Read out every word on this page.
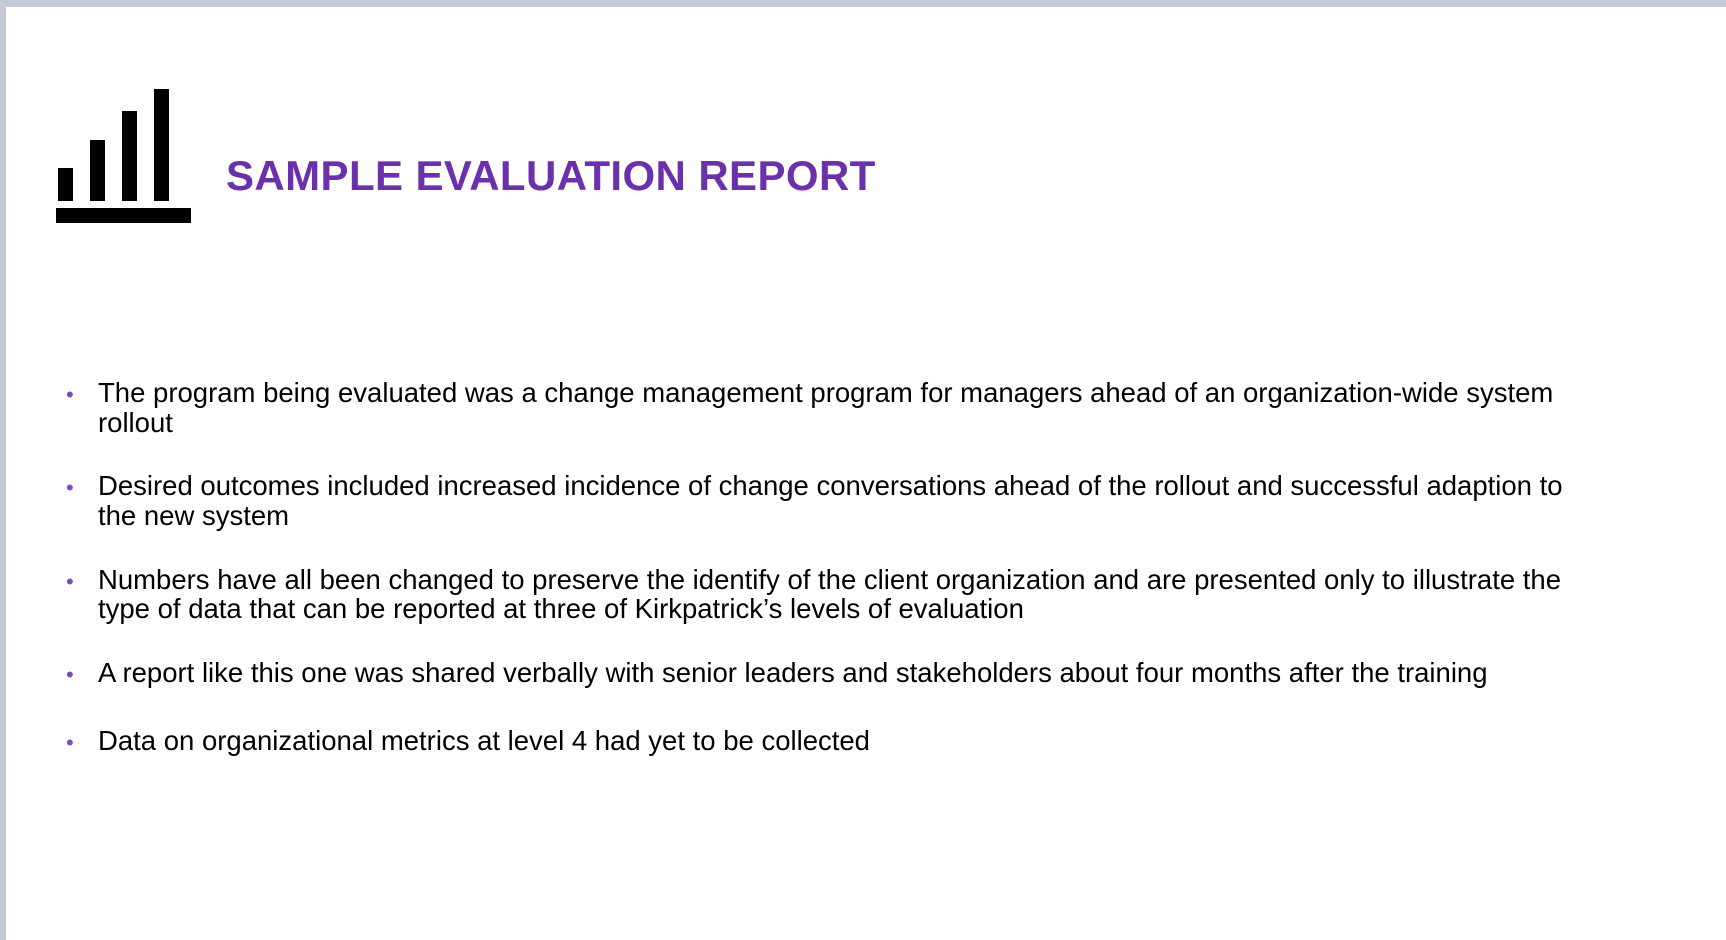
SAMPLE EVALUATION REPORT
• The program being evaluated was a change management program for managers ahead of an organization-wide system rollout
• Desired outcomes included increased incidence of change conversations ahead of the rollout and successful adaption to the new system
• Numbers have all been changed to preserve the identify of the client organization and are presented only to illustrate the type of data that can be reported at three of Kirkpatrick’s levels of evaluation
• A report like this one was shared verbally with senior leaders and stakeholders about four months after the training
• Data on organizational metrics at level 4 had yet to be collected
